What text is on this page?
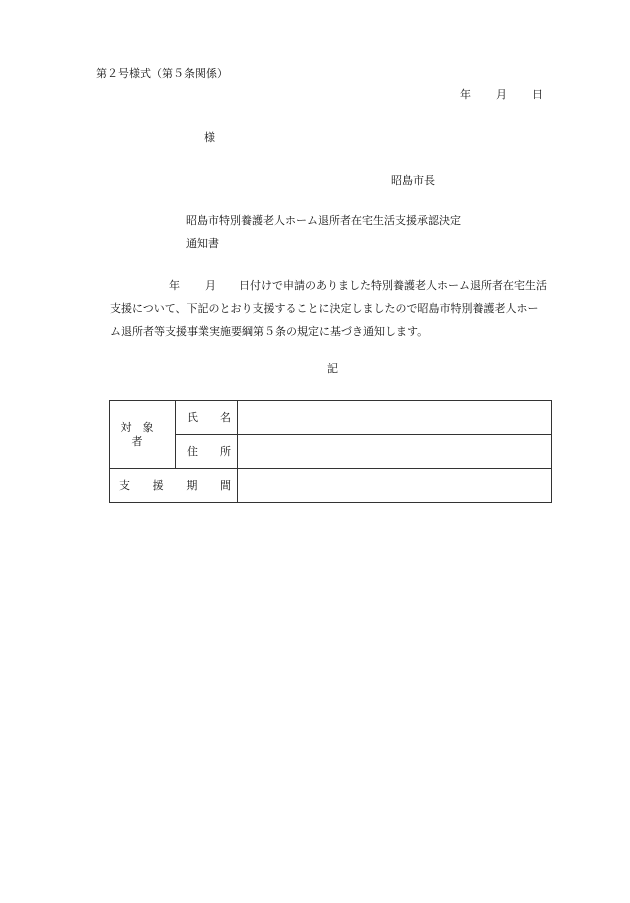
第２号様式（第５条関係）
年 月 日
様
昭島市長
昭島市特別養護老人ホーム退所者在宅生活支援承認決定
通知書
年 月 日付けで申請のありました特別養護老人ホーム退所者在宅生活
支援について、下記のとおり支援することに決定しましたので昭島市特別養護老人ホー
ム退所者等支援事業実施要綱第５条の規定に基づき通知します。
記
対象者	氏 名	

	住 所	

支 援 期 間		
